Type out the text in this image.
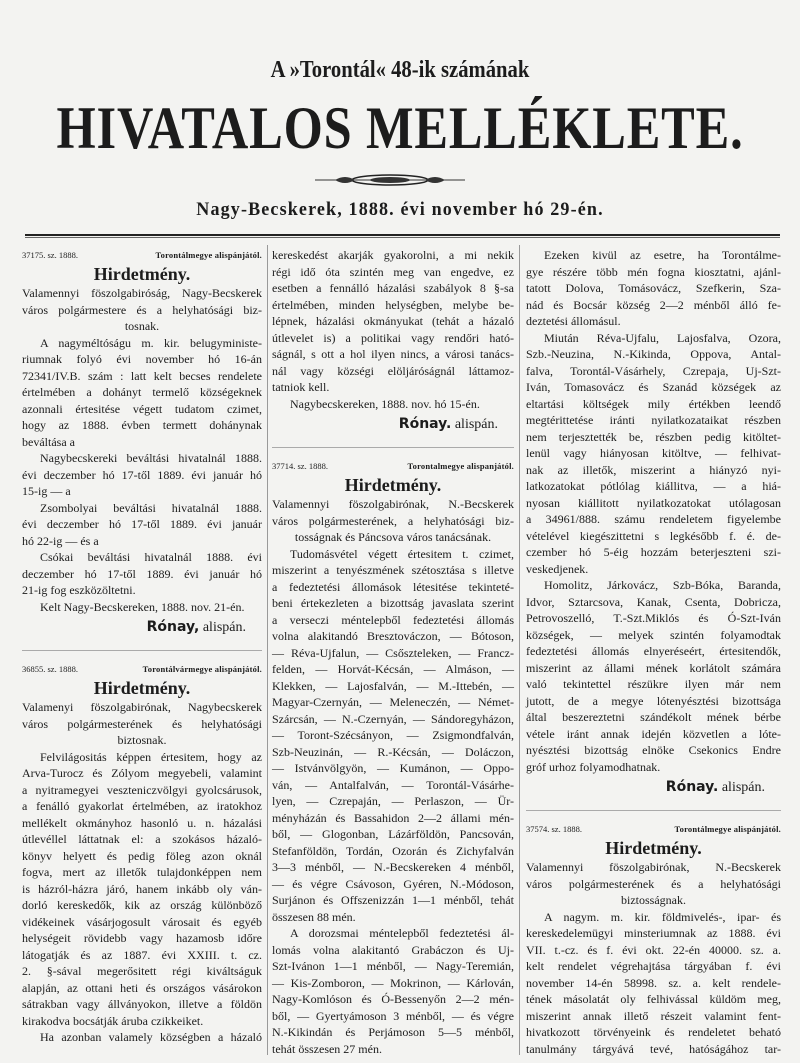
A »Torontál« 48-ik számának
HIVATALOS MELLÉKLETE.
Nagy-Becskerek, 1888. évi november hó 29-én.
37175. sz. 1888.	Torontálmegye alispánjától.
Hirdetmény.
Valamennyi föszolgabiróság, Nagy-Becskerek
város polgármestere és a helyhatósági biz-
tosnak.
A nagyméltóságu m. kir. belugyministe-
riumnak folyó évi november hó 16-án
72341/IV.B. szám : latt kelt becses rendelete
értelmében a dohányt termelő községeknek
azonnali értesitése végett tudatom czimet,
hogy az 1888. évben termett dohánynak
beváltása a
Nagybecskereki beváltási hivatalnál 1888.
évi deczember hó 17-től 1889. évi január hó
15-ig — a
Zsombolyai beváltási hivatalnál 1888.
évi deczember hó 17-től 1889. évi január
hó 22-ig — és a
Csókai beváltási hivatalnál 1888. évi
deczember hó 17-től 1889. évi január hó
21-ig fog eszközöltetni.
Kelt Nagy-Becskereken, 1888. nov. 21-én.
Rónay, alispán.
36855. sz. 1888.	Torontálvármegye alispánjától.
Hirdetmény.
Valamenyi föszolgabirónak, Nagybecskerek
város polgármesterének és helyhatósági
biztosnak.
Felvilágositás képpen értesitem, hogy az
Arva-Turocz és Zólyom megyebeli, valamint
a nyitramegyei veszteniczvölgyi gyolcsárusok,
a fenálló gyakorlat értelmében, az iratokhoz
mellékelt okmányhoz hasonló u. n. házalási
útlevéllel láttatnak el: a szokásos házaló-
könyv helyett és pedig föleg azon oknál
fogva, mert az illetők tulajdonképpen nem
is házról-házra járó, hanem inkább oly ván-
dorló kereskedők, kik az ország különböző
vidékeinek vásárjogosult városait és egyéb
helységeit rövidebb vagy hazamosb időre
látogatják és az 1887. évi XXIII. t. cz.
2. §-sával megerősitett régi kiváltságuk
alapján, az ottani heti és országos vásárokon
sátrakban vagy állványokon, illetve a földön
kirakodva bocsátják áruba czikkeiket.
Ha azonban valamely községben a házaló
kereskedést akarják gyakorolni, a mi nekik
régi idő óta szintén meg van engedve, ez
esetben a fennálló házalási szabályok 8 §-sa
értelmében, minden helységben, melybe be-
lépnek, házalási okmányukat (tehát a házaló
útlevelet is) a politikai vagy rendőri ható-
ságnál, s ott a hol ilyen nincs, a városi tanács-
nál vagy községi elöljáróságnál láttamoz-
tatniok kell.
Nagybecskereken, 1888. nov. hó 15-én.
Rónay. alispán.
37714. sz. 1888.	Torontalmegye alispanjától.
Hirdetmény.
Valamennyi föszolgabirónak, N.-Becskerek
város polgármesterének, a helyhatósági biz-
tosságnak és Páncsova város tanácsának.
Tudomásvétel végett értesitem t. czimet,
miszerint a tenyészmének szétosztása s illetve
a fedeztetési állomások létesitése tekinteté-
beni értekezleten a bizottság javaslata szerint
a verseczi méntelepből fedeztetési állomás
volna alakitandó Bresztováczon, — Bótoson,
— Réva-Ujfalun, — Csőszteleken, — Francz-
felden, — Horvát-Kécsán, — Almáson, —
Klekken, — Lajosfalván, — M.-Ittebén, —
Magyar-Czernyán, — Meleneczén, — Német-
Szárcsán, — N.-Czernyán, — Sándoregyházon,
— Toront-Szécsányon, — Zsigmondfalván,
Szb-Neuzinán, — R.-Kécsán, — Doláczon,
— Istvánvölgyön, — Kumánon, — Oppo-
ván, — Antalfalván, — Torontál-Vásárhe-
lyen, — Czrepaján, — Perlaszon, — Ür-
ményházán és Bassahidon 2—2 állami mén-
ből, — Glogonban, Lázárföldön, Pancsován,
Stefanföldön, Tordán, Ozorán és Zichyfalván
3—3 ménből, — N.-Becskereken 4 ménből,
— és végre Csávoson, Gyéren, N.-Módoson,
Surjánon és Offszenizzán 1—1 ménből, tehát
összesen 88 mén.
A dorozsmai méntelepből fedeztetési ál-
lomás volna alakitantó Grabáczon és Uj-
Szt-Ivánon 1—1 ménből, — Nagy-Teremián,
— Kis-Zomboron, — Mokrinon, — Kárlován,
Nagy-Komlóson és Ó-Bessenyőn 2—2 mén-
ből, — Gyertyámoson 3 ménből, — és végre
N.-Kikindán és Perjámoson 5—5 ménből,
tehát összesen 27 mén.
Ezeken kivül az esetre, ha Torontálme-
gye részére több mén fogna kiosztatni, ajánl-
tatott Dolova, Tomásovácz, Szefkerin, Sza-
nád és Bocsár község 2—2 ménből álló fe-
deztetési állomásul.
Miután Réva-Ujfalu, Lajosfalva, Ozora,
Szb.-Neuzina, N.-Kikinda, Oppova, Antal-
falva, Torontál-Vásárhely, Czrepaja, Uj-Szt-
Iván, Tomasovácz és Szanád községek az
eltartási költségek mily értékben leendő
megtérittetése iránti nyilatkozataikat részben
nem terjesztették be, részben pedig kitöltet-
lenül vagy hiányosan kitöltve, — felhivat-
nak az illetők, miszerint a hiányzó nyi-
latkozatokat pótlólag kiállitva, — a hiá-
nyosan kiállitott nyilatkozatokat utólagosan
a 34961/888. számu rendeletem figyelembe
vételével kiegészittetni s legkésőbb f. é. de-
czember hó 5-éig hozzám beterjeszteni szi-
veskedjenek.
Homolitz, Járkovácz, Szb-Bóka, Baranda,
Idvor, Sztarcsova, Kanak, Csenta, Dobricza,
Petrovoszelló, T.-Szt.Miklós és Ó-Szt-Iván
községek, — melyek szintén folyamodtak
fedeztetési állomás elnyeréseért, értesitendők,
miszerint az állami mének korlátolt számára
való tekintettel részükre ilyen már nem
jutott, de a megye lótenyésztési bizottsága
által beszereztetni szándékolt mének bérbe
vétele iránt annak idején közvetlen a lóte-
nyésztési bizottság elnöke Csekonics Endre
gróf urhoz folyamodhatnak.
Rónay. alispán.
37574. sz. 1888.	Torontálmegye alispánjától.
Hirdetmény.
Valamennyi föszolgabirónak, N.-Becskerek
város polgármesterének és a helyhatósági
biztosságnak.
A nagym. m. kir. földmivelés-, ipar- és
kereskedelemügyi minsteriumnak az 1888. évi
VII. t.-cz. és f. évi okt. 22-én 40000. sz. a.
kelt rendelet végrehajtása tárgyában f. évi
november 14-én 58998. sz. a. kelt rendele-
tének másolatát oly felhivással küldöm meg,
miszerint annak illető részeit valamint fent-
hivatkozott törvényeink és rendeletet beható
tanulmány tárgyává tevé, hatóságához tar-
